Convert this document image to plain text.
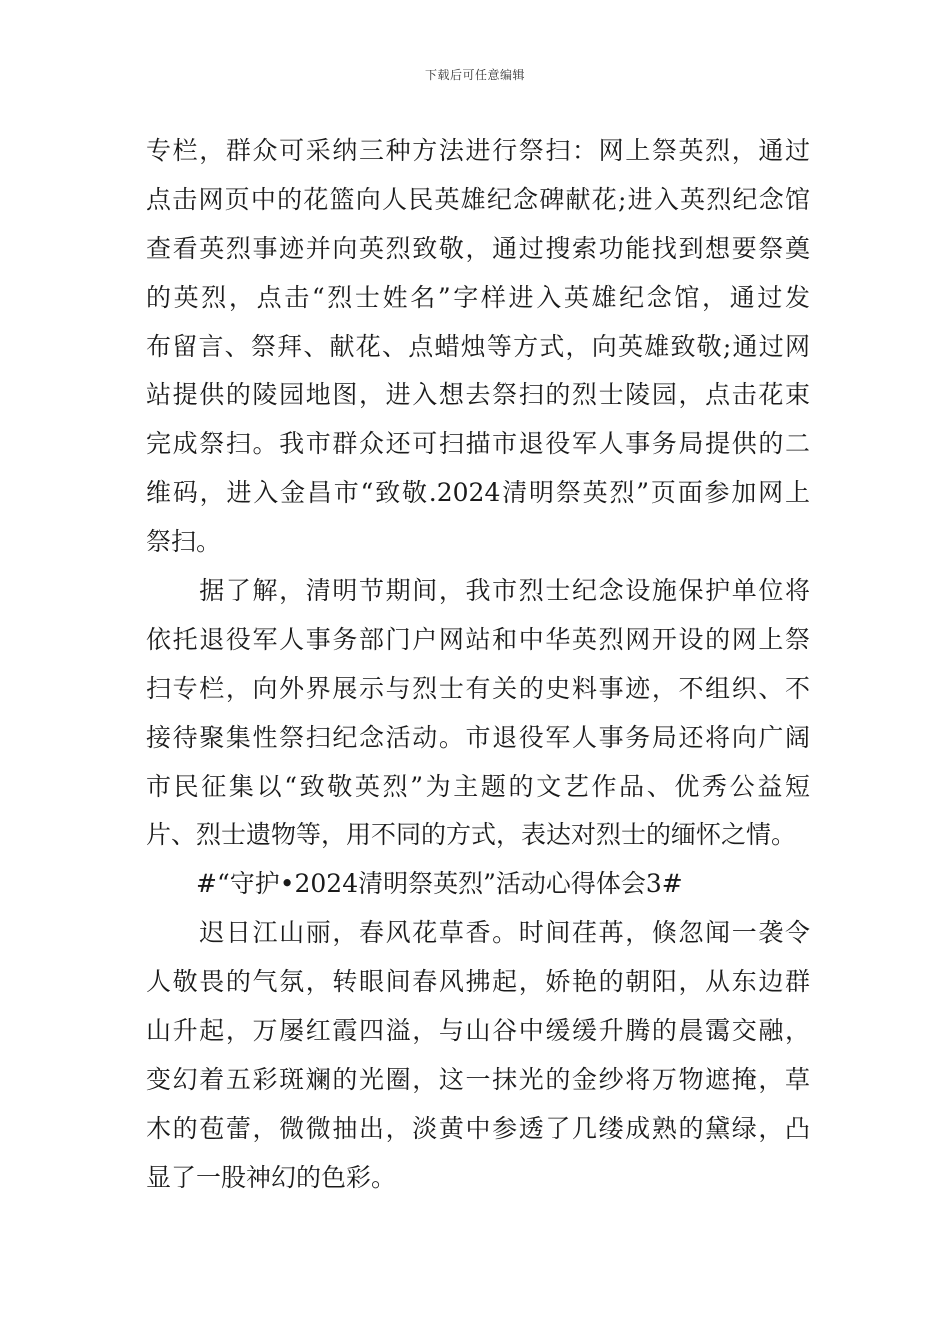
下载后可任意编辑
专栏，群众可采纳三种方法进行祭扫：网上祭英烈，通过
点击网页中的花篮向人民英雄纪念碑献花;进入英烈纪念馆
查看英烈事迹并向英烈致敬，通过搜索功能找到想要祭奠
的英烈，点击“烈士姓名”字样进入英雄纪念馆，通过发
布留言、祭拜、献花、点蜡烛等方式，向英雄致敬;通过网
站提供的陵园地图，进入想去祭扫的烈士陵园，点击花束
完成祭扫。我市群众还可扫描市退役军人事务局提供的二
维码，进入金昌市“致敬.2024清明祭英烈”页面参加网上
祭扫。
　　据了解，清明节期间，我市烈士纪念设施保护单位将
依托退役军人事务部门户网站和中华英烈网开设的网上祭
扫专栏，向外界展示与烈士有关的史料事迹，不组织、不
接待聚集性祭扫纪念活动。市退役军人事务局还将向广阔
市民征集以“致敬英烈”为主题的文艺作品、优秀公益短
片、烈士遗物等，用不同的方式，表达对烈士的缅怀之情。
　　#“守护•2024清明祭英烈”活动心得体会3#
　　迟日江山丽，春风花草香。时间荏苒，倏忽闻一袭令
人敬畏的气氛，转眼间春风拂起，娇艳的朝阳，从东边群
山升起，万屡红霞四溢，与山谷中缓缓升腾的晨霭交融，
变幻着五彩斑斓的光圈，这一抹光的金纱将万物遮掩，草
木的苞蕾，微微抽出，淡黄中参透了几缕成熟的黛绿，凸
显了一股神幻的色彩。
